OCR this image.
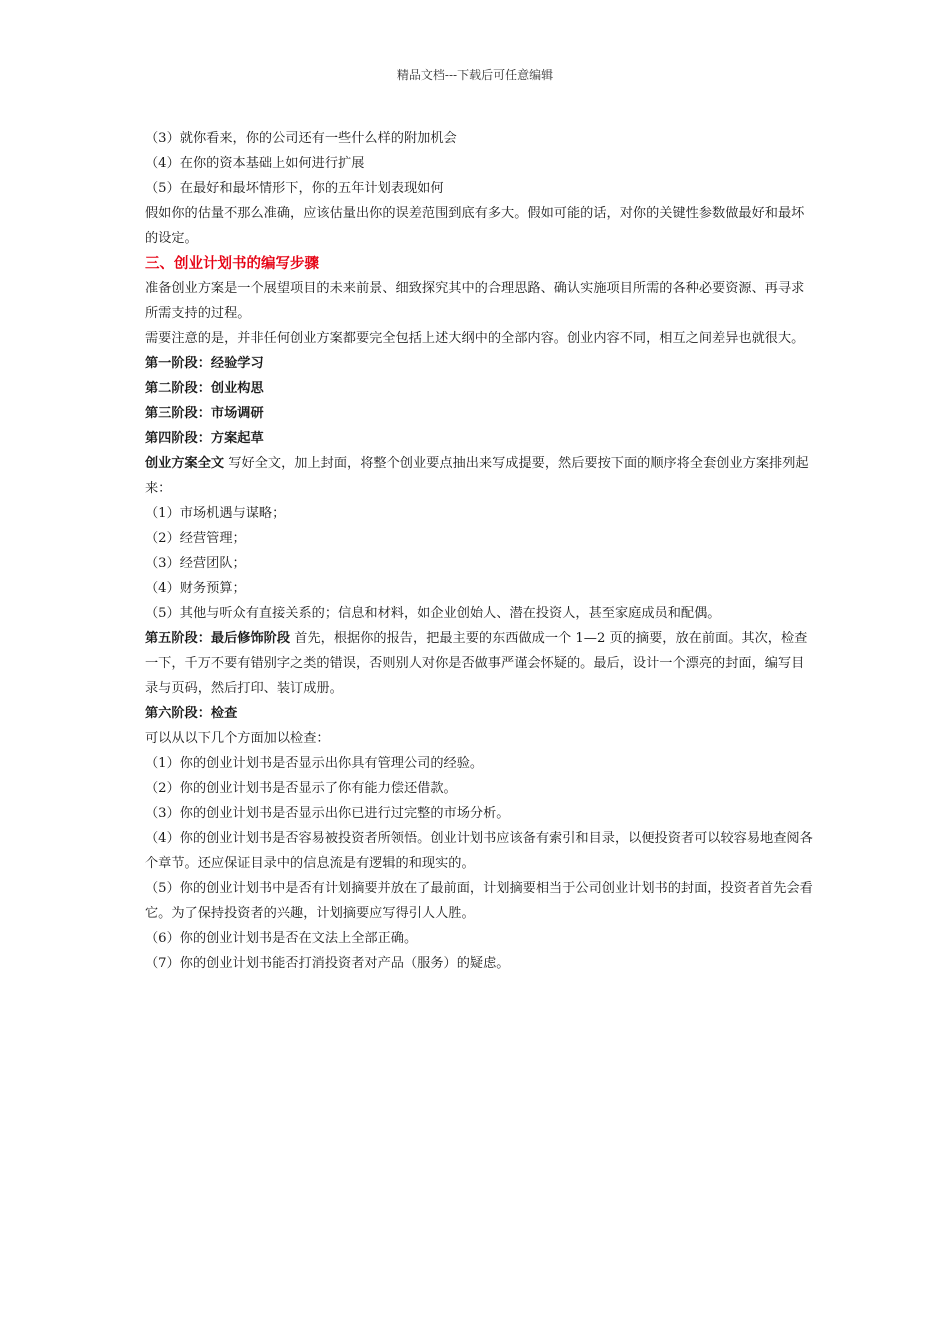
精品文档---下载后可任意编辑

（3）就你看来，你的公司还有一些什么样的附加机会

（4）在你的资本基础上如何进行扩展

（5）在最好和最坏情形下，你的五年计划表现如何

假如你的估量不那么准确，应该估量出你的误差范围到底有多大。假如可能的话，对你的关键性参数做最好和最坏的设定。

三、创业计划书的编写步骤

准备创业方案是一个展望项目的未来前景、细致探究其中的合理思路、确认实施项目所需的各种必要资源、再寻求所需支持的过程。

需要注意的是，并非任何创业方案都要完全包括上述大纲中的全部内容。创业内容不同，相互之间差异也就很大。

第一阶段：经验学习

第二阶段：创业构思

第三阶段：市场调研

第四阶段：方案起草

创业方案全文 写好全文，加上封面，将整个创业要点抽出来写成提要，然后要按下面的顺序将全套创业方案排列起来：

（1）市场机遇与谋略；

（2）经营管理；

（3）经营团队；

（4）财务预算；

（5）其他与听众有直接关系的；信息和材料，如企业创始人、潜在投资人，甚至家庭成员和配偶。

第五阶段：最后修饰阶段 首先，根据你的报告，把最主要的东西做成一个 1—2 页的摘要，放在前面。其次，检查一下，千万不要有错别字之类的错误，否则别人对你是否做事严谨会怀疑的。最后，设计一个漂亮的封面，编写目录与页码，然后打印、装订成册。

第六阶段：检查

可以从以下几个方面加以检查：

（1）你的创业计划书是否显示出你具有管理公司的经验。

（2）你的创业计划书是否显示了你有能力偿还借款。

（3）你的创业计划书是否显示出你已进行过完整的市场分析。

（4）你的创业计划书是否容易被投资者所领悟。创业计划书应该备有索引和目录，以便投资者可以较容易地查阅各个章节。还应保证目录中的信息流是有逻辑的和现实的。

（5）你的创业计划书中是否有计划摘要并放在了最前面，计划摘要相当于公司创业计划书的封面，投资者首先会看它。为了保持投资者的兴趣，计划摘要应写得引人人胜。

（6）你的创业计划书是否在文法上全部正确。

（7）你的创业计划书能否打消投资者对产品（服务）的疑虑。
